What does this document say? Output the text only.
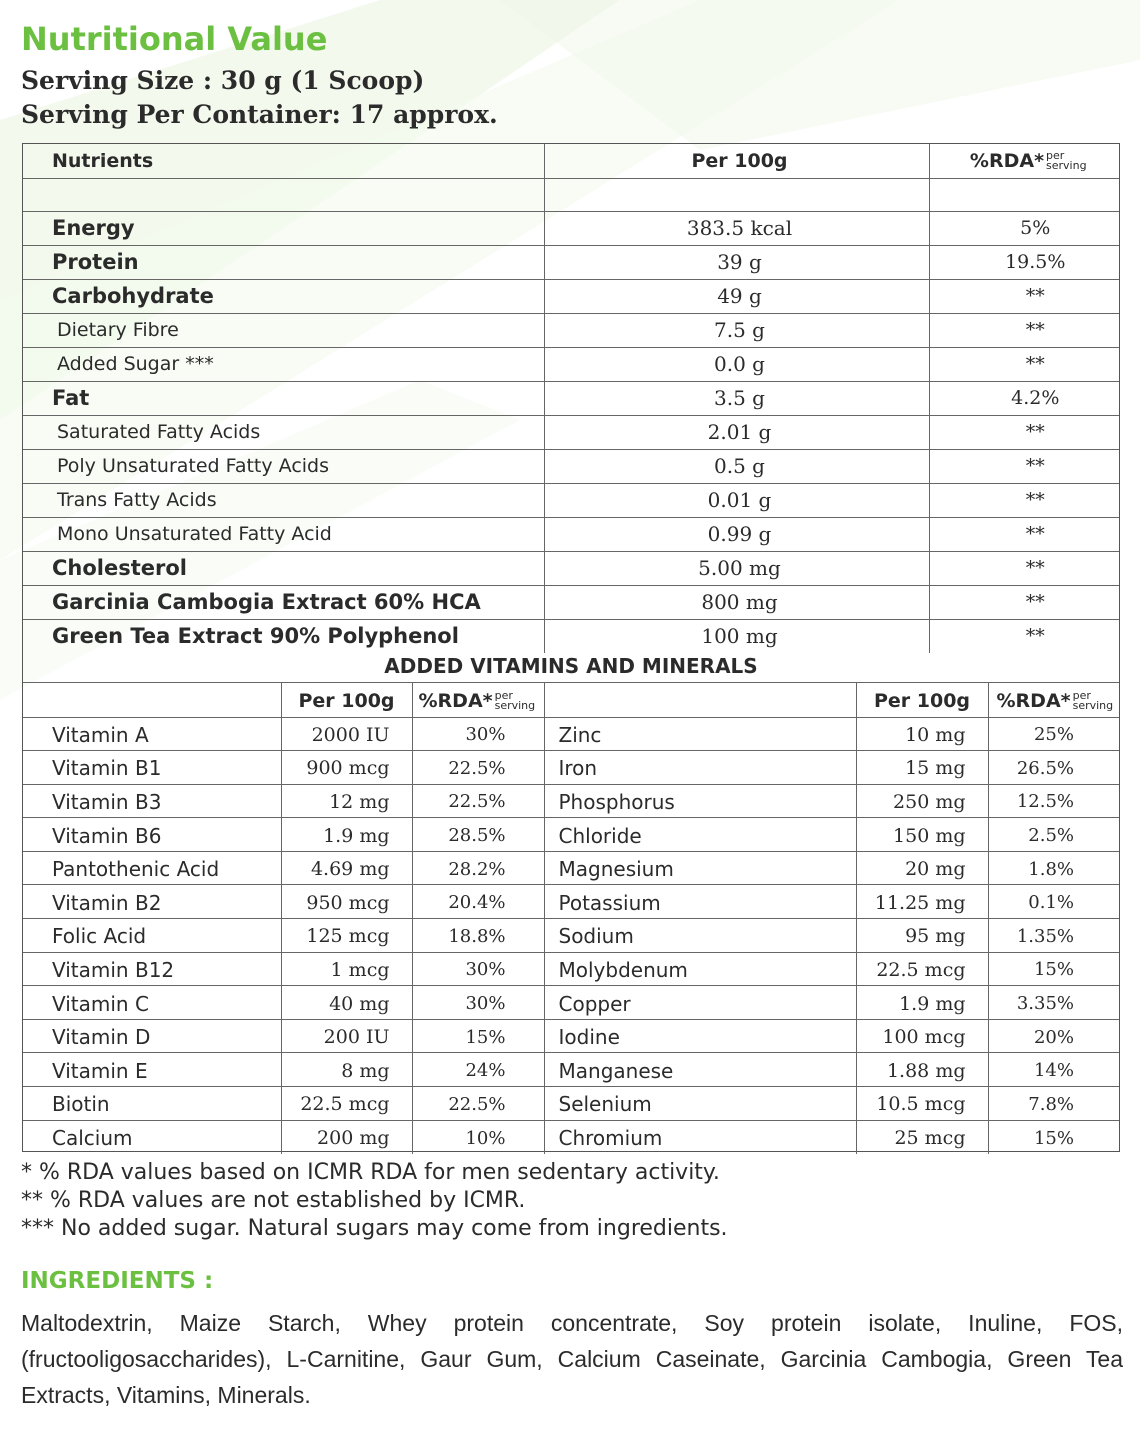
Nutritional Value
Serving Size : 30 g (1 Scoop)
Serving Per Container: 17 approx.
Nutrients	Per 100g	%RDA* per
serving

Energy	383.5 kcal	5%
Protein	39 g	19.5%
Carbohydrate	49 g	**
Dietary Fibre	7.5 g	**
Added Sugar ***	0.0 g	**
Fat	3.5 g	4.2%
Saturated Fatty Acids	2.01 g	**
Poly Unsaturated Fatty Acids	0.5 g	**
Trans Fatty Acids	0.01 g	**
Mono Unsaturated Fatty Acid	0.99 g	**
Cholesterol	5.00 mg	**
Garcinia Cambogia Extract 60% HCA	800 mg	**
Green Tea Extract 90% Polyphenol	100 mg	**
ADDED VITAMINS AND MINERALS
	Per 100g	%RDA* per
serving		Per 100g	%RDA* per
serving
Vitamin A	2000 IU	30%	Zinc	10 mg	25%
Vitamin B1	900 mcg	22.5%	Iron	15 mg	26.5%
Vitamin B3	12 mg	22.5%	Phosphorus	250 mg	12.5%
Vitamin B6	1.9 mg	28.5%	Chloride	150 mg	2.5%
Pantothenic Acid	4.69 mg	28.2%	Magnesium	20 mg	1.8%
Vitamin B2	950 mcg	20.4%	Potassium	11.25 mg	0.1%
Folic Acid	125 mcg	18.8%	Sodium	95 mg	1.35%
Vitamin B12	1 mcg	30%	Molybdenum	22.5 mcg	15%
Vitamin C	40 mg	30%	Copper	1.9 mg	3.35%
Vitamin D	200 IU	15%	Iodine	100 mcg	20%
Vitamin E	8 mg	24%	Manganese	1.88 mg	14%
Biotin	22.5 mcg	22.5%	Selenium	10.5 mcg	7.8%
Calcium	200 mg	10%	Chromium	25 mcg	15%
* % RDA values based on ICMR RDA for men sedentary activity.
** % RDA values are not established by ICMR.
*** No added sugar. Natural sugars may come from ingredients.
INGREDIENTS :
Maltodextrin, Maize Starch, Whey protein concentrate, Soy protein isolate, Inuline, FOS, (fructooligosaccharides), L-Carnitine, Gaur Gum, Calcium Caseinate, Garcinia Cambogia, Green Tea Extracts, Vitamins, Minerals.
